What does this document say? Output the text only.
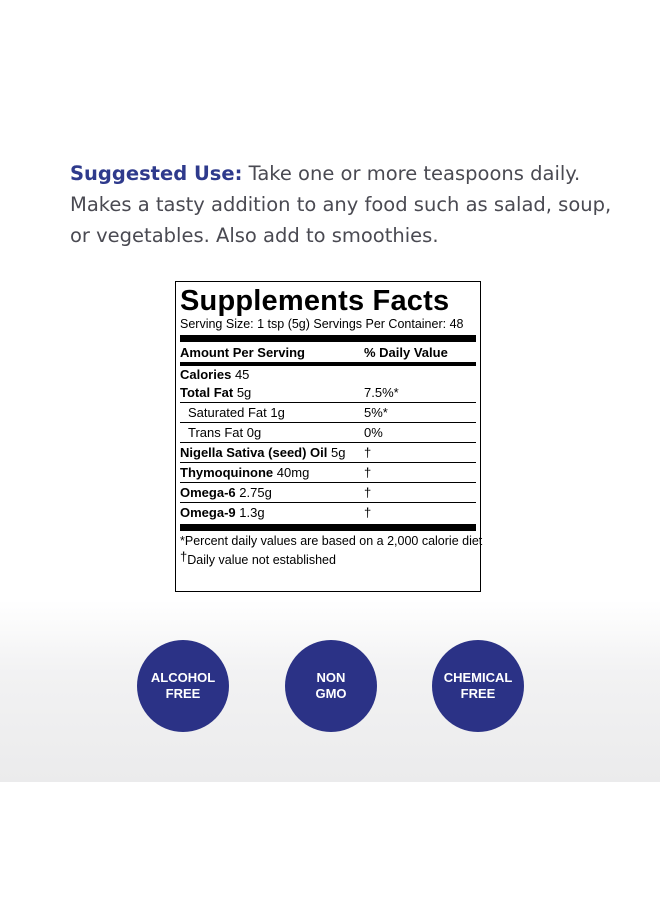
Suggested Use: Take one or more teaspoons daily.
Makes a tasty addition to any food such as salad, soup,
or vegetables. Also add to smoothies.
Supplements Facts
Serving Size: 1 tsp (5g) Servings Per Container: 48
Amount Per Serving	% Daily Value
Calories 45
Total Fat 5g	7.5%*
Saturated Fat 1g	5%*
Trans Fat 0g	0%
Nigella Sativa (seed) Oil 5g	†
Thymoquinone 40mg	†
Omega-6 2.75g	†
Omega-9 1.3g	†
*Percent daily values are based on a 2,000 calorie diet
†Daily value not established
ALCOHOL
FREE
NON
GMO
CHEMICAL
FREE
